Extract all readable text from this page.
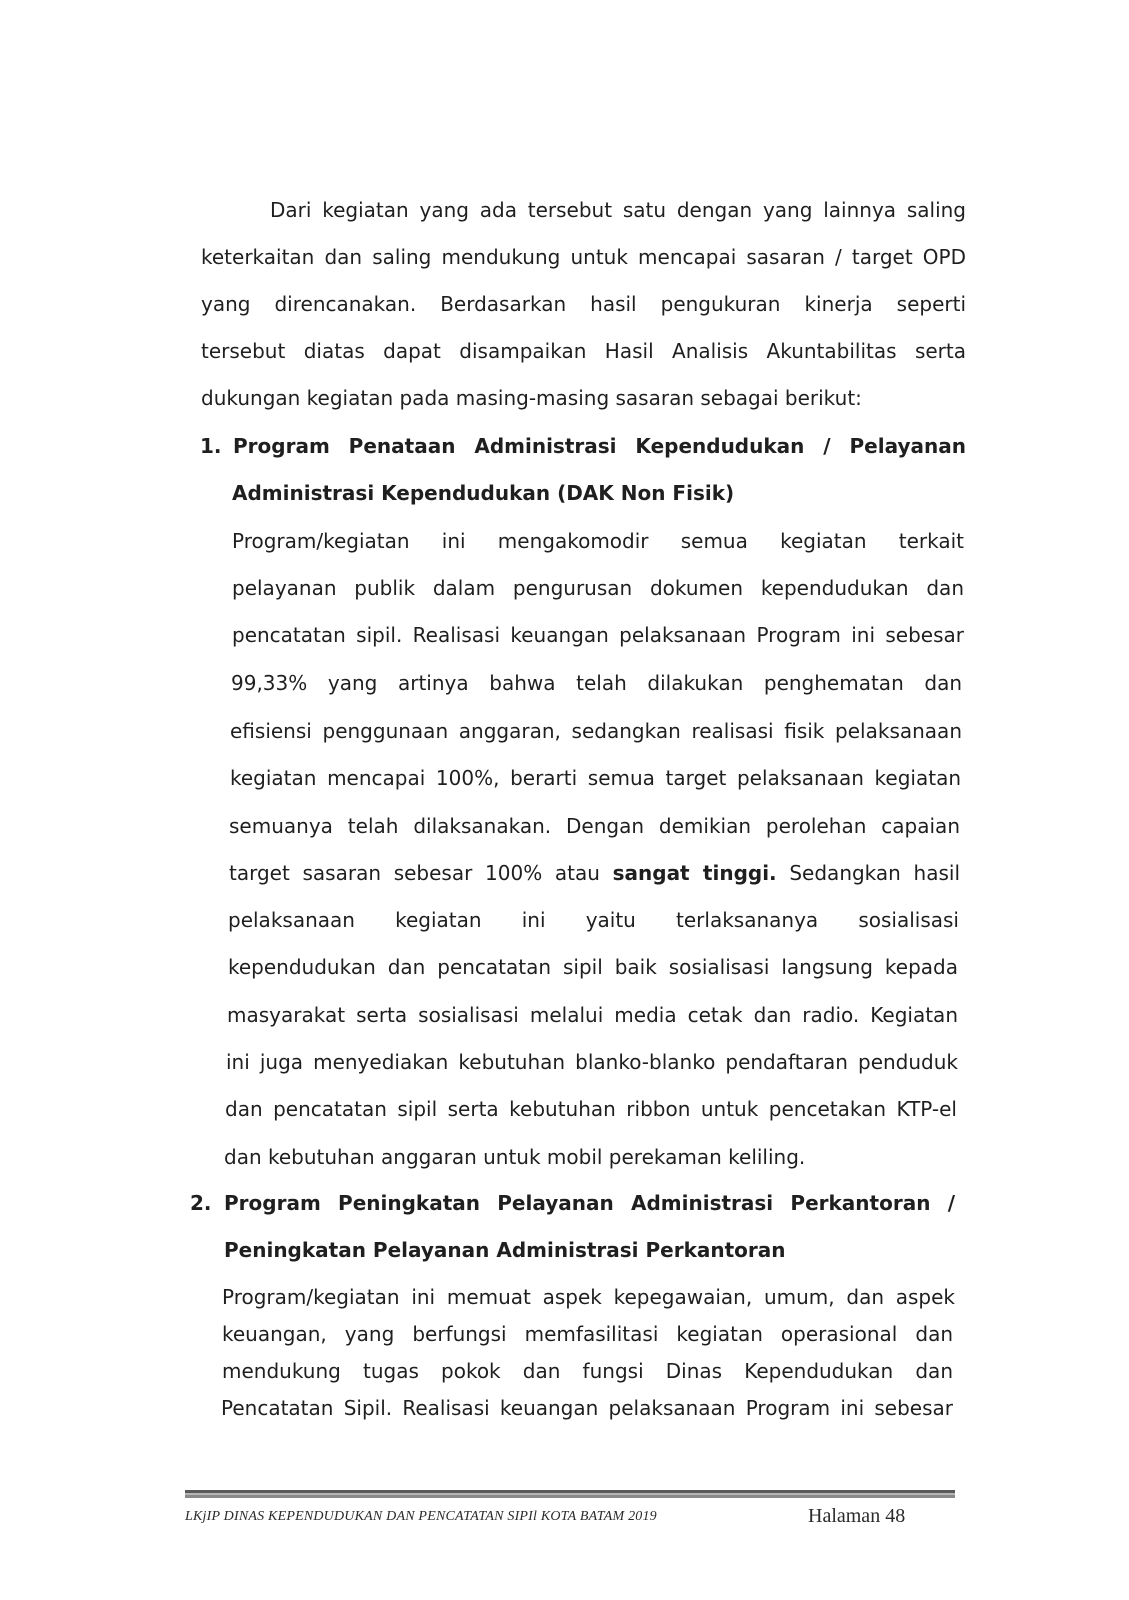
Dari kegiatan yang ada tersebut satu dengan yang lainnya saling
keterkaitan dan saling mendukung untuk mencapai sasaran / target OPD
yang direncanakan. Berdasarkan hasil pengukuran kinerja seperti
tersebut diatas dapat disampaikan Hasil Analisis Akuntabilitas serta
dukungan kegiatan pada masing-masing sasaran sebagai berikut:
1. Program Penataan Administrasi Kependudukan / Pelayanan
Administrasi Kependudukan (DAK Non Fisik)
Program/kegiatan ini mengakomodir semua kegiatan terkait
pelayanan publik dalam pengurusan dokumen kependudukan dan
pencatatan sipil. Realisasi keuangan pelaksanaan Program ini sebesar
99,33% yang artinya bahwa telah dilakukan penghematan dan
efisiensi penggunaan anggaran, sedangkan realisasi fisik pelaksanaan
kegiatan mencapai 100%, berarti semua target pelaksanaan kegiatan
semuanya telah dilaksanakan. Dengan demikian perolehan capaian
target sasaran sebesar 100% atau sangat tinggi. Sedangkan hasil
pelaksanaan kegiatan ini yaitu terlaksananya sosialisasi
kependudukan dan pencatatan sipil baik sosialisasi langsung kepada
masyarakat serta sosialisasi melalui media cetak dan radio. Kegiatan
ini juga menyediakan kebutuhan blanko-blanko pendaftaran penduduk
dan pencatatan sipil serta kebutuhan ribbon untuk pencetakan KTP-el
dan kebutuhan anggaran untuk mobil perekaman keliling.
2. Program Peningkatan Pelayanan Administrasi Perkantoran /
Peningkatan Pelayanan Administrasi Perkantoran
Program/kegiatan ini memuat aspek kepegawaian, umum, dan aspek
keuangan, yang berfungsi memfasilitasi kegiatan operasional dan
mendukung tugas pokok dan fungsi Dinas Kependudukan dan
Pencatatan Sipil. Realisasi keuangan pelaksanaan Program ini sebesar
LKjIP DINAS KEPENDUDUKAN DAN PENCATATAN SIPIl KOTA BATAM 2019	Halaman 48
